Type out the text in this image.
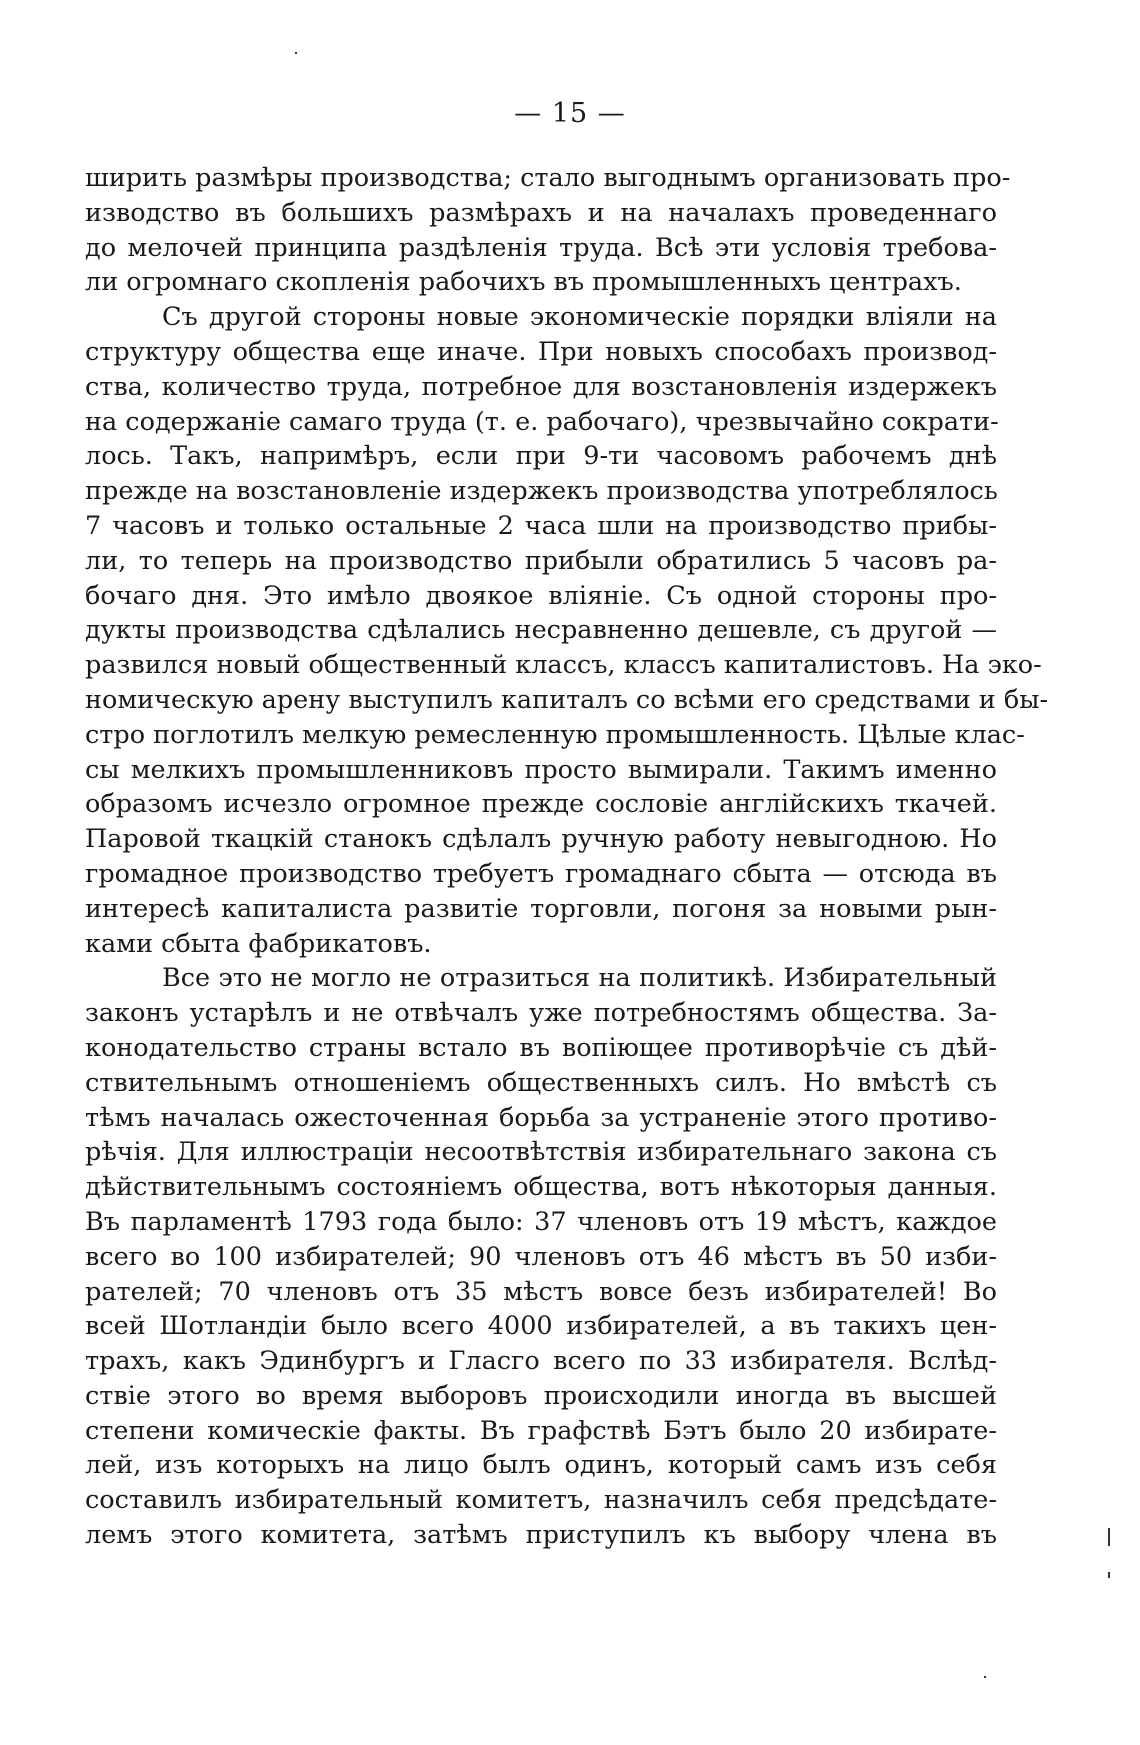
— 15 —
ширить размѣры производства; стало выгоднымъ организовать про-
изводство въ большихъ размѣрахъ и на началахъ проведеннаго
до мелочей принципа раздѣленія труда. Всѣ эти условія требова-
ли огромнаго скопленія рабочихъ въ промышленныхъ центрахъ.
Съ другой стороны новые экономическіе порядки вліяли на
структуру общества еще иначе. При новыхъ способахъ производ-
ства, количество труда, потребное для возстановленія издержекъ
на содержаніе самаго труда (т. е. рабочаго), чрезвычайно сократи-
лось. Такъ, напримѣръ, если при 9-ти часовомъ рабочемъ днѣ
прежде на возстановленіе издержекъ производства употреблялось
7 часовъ и только остальные 2 часа шли на производство прибы-
ли, то теперь на производство прибыли обратились 5 часовъ ра-
бочаго дня. Это имѣло двоякое вліяніе. Съ одной стороны про-
дукты производства сдѣлались несравненно дешевле, съ другой —
развился новый общественный классъ, классъ капиталистовъ. На эко-
номическую арену выступилъ капиталъ со всѣми его средствами и бы-
стро поглотилъ мелкую ремесленную промышленность. Цѣлые клас-
сы мелкихъ промышленниковъ просто вымирали. Такимъ именно
образомъ исчезло огромное прежде сословіе англійскихъ ткачей.
Паровой ткацкій станокъ сдѣлалъ ручную работу невыгодною. Но
громадное производство требуетъ громаднаго сбыта — отсюда въ
интересѣ капиталиста развитіе торговли, погоня за новыми рын-
ками сбыта фабрикатовъ.
Все это не могло не отразиться на политикѣ. Избирательный
законъ устарѣлъ и не отвѣчалъ уже потребностямъ общества. За-
конодательство страны встало въ вопіющее противорѣчіе съ дѣй-
ствительнымъ отношеніемъ общественныхъ силъ. Но вмѣстѣ съ
тѣмъ началась ожесточенная борьба за устраненіе этого противо-
рѣчія. Для иллюстраціи несоотвѣтствія избирательнаго закона съ
дѣйствительнымъ состояніемъ общества, вотъ нѣкоторыя данныя.
Въ парламентѣ 1793 года было: 37 членовъ отъ 19 мѣстъ, каждое
всего во 100 избирателей; 90 членовъ отъ 46 мѣстъ въ 50 изби-
рателей; 70 членовъ отъ 35 мѣстъ вовсе безъ избирателей! Во
всей Шотландіи было всего 4000 избирателей, а въ такихъ цен-
трахъ, какъ Эдинбургъ и Гласго всего по 33 избирателя. Вслѣд-
ствіе этого во время выборовъ происходили иногда въ высшей
степени комическіе факты. Въ графствѣ Бэтъ было 20 избирате-
лей, изъ которыхъ на лицо былъ одинъ, который самъ изъ себя
составилъ избирательный комитетъ, назначилъ себя предсѣдате-
лемъ этого комитета, затѣмъ приступилъ къ выбору члена въ
